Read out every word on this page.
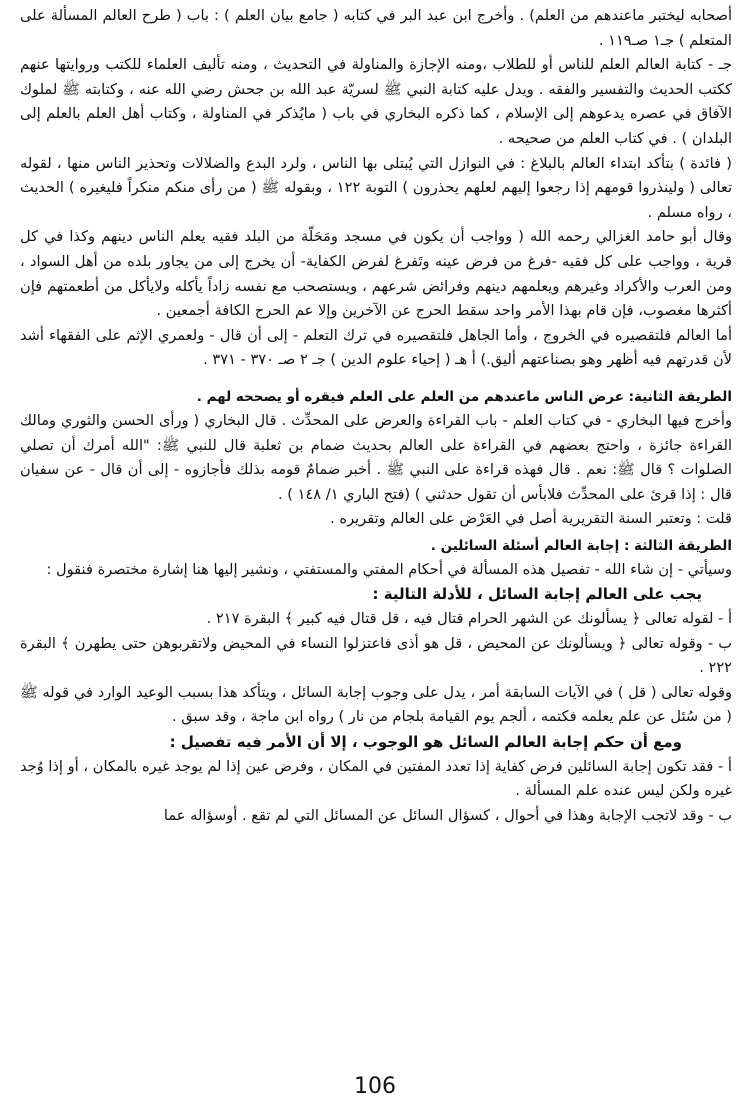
أصحابه ليختبر ماعندهم من العلم) . وأخرج ابن عبد البر في كتابه ( جامع بيان العلم ) : باب ( طرح العالم المسألة على المتعلم ) جـ١ صـ١١٩ .

جـ - كتابة العالم العلم للناس أو للطلاب ،ومنه الإجازة والمناولة في التحديث ، ومنه تأليف العلماء للكتب وروايتها عنهم ككتب الحديث والتفسير والفقه . ويدل عليه كتابة النبي ﷺ لسريّة عبد الله بن جحش رضي الله عنه ، وكتابته ﷺ لملوك الآفاق في عصره يدعوهم إلى الإسلام ، كما ذكره البخاري في باب ( مايُذكر في المناولة ، وكتاب أهل العلم بالعلم إلى البلدان ) . في كتاب العلم من صحيحه .

( فائدة ) بتأكد ابتداء العالم بالبلاغ : في النوازل التي يُبتلى بها الناس ، ولرد البدع والضلالات وتحذير الناس منها ، لقوله تعالى ( ولينذروا قومهم إذا رجعوا إليهم لعلهم يحذرون ) التوبة ١٢٢ ، وبقوله ﷺ ( من رأى منكم منكراً فليغيره ) الحديث ، رواه مسلم .

وقال أبو حامد الغزالي رحمه الله ( وواجب أن يكون في مسجد ومَحَلّة من البلد فقيه يعلم الناس دينهم وكذا في كل قرية ، وواجب على كل فقيه -فرغ من فرض عينه وتَفرغ لفرض الكفاية- أن يخرج إلى من يجاور بلده من أهل السواد ، ومن العرب والأكراد وغيرهم ويعلمهم دينهم وفرائض شرعهم ، ويستصحب مع نفسه زاداً يأكله ولايأكل من أطعمتهم فإن أكثرها مغصوب، فإن قام بهذا الأمر واحد سقط الحرج عن الآخرين وإلا عم الحرج الكافة أجمعين .

أما العالم فلتقصيره في الخروج ، وأما الجاهل فلتقصيره في ترك التعلم - إلى أن قال - ولعمري الإثم على الفقهاء أشد لأن قدرتهم فيه أظهر وهو بصناعتهم أليق.) أ هـ ( إحياء علوم الدين ) جـ ٢ صـ ٣٧٠ - ٣٧١ .

الطريقة الثانية: عرض الناس ماعندهم من العلم على العلم فيقره أو يصححه لهم .

وأخرج فيها البخاري - في كتاب العلم - باب القراءة والعرض على المحدِّث . قال البخاري ( ورأى الحسن والثوري ومالك القراءة جائزة ، واحتج بعضهم في القراءة على العالم بحديث ضمام بن ثعلبة قال للنبي ﷺ: "الله أمرك أن تصلي الصلوات ؟ قال ﷺ: نعم . قال فهذه قراءة على النبي ﷺ . أخبر ضمامٌ قومه بذلك فأجازوه - إلى أن قال - عن سفيان قال : إذا قرئ على المحدِّث فلابأس أن تقول حدثني ) (فتح الباري ١/ ١٤٨ ) .

قلت : وتعتبر السنة التقريرية أصل في العَرْض على العالم وتقريره .

الطريقة الثالثة : إجابة العالم أسئلة السائلين .

وسيأتي - إن شاء الله - تفصيل هذه المسألة في أحكام المفتي والمستفتي ، ونشير إليها هنا إشارة مختصرة فنقول :

يجب على العالم إجابة السائل ، للأدلة التالية :

أ - لقوله تعالى ﴿ يسألونك عن الشهر الحرام قتال فيه ، قل قتال فيه كبير ﴾ البقرة ٢١٧ .

ب - وقوله تعالى ﴿ ويسألونك عن المحيض ، قل هو أذى فاعتزلوا النساء في المحيض ولاتقربوهن حتى يطهرن ﴾ البقرة ٢٢٢ .

وقوله تعالى ( قل ) في الآيات السابقة أمر ، يدل على وجوب إجابة السائل ، ويتأكد هذا بسبب الوعيد الوارد في قوله ﷺ ( من سُئل عن علم يعلمه فكتمه ، ألجم يوم القيامة بلجام من نار ) رواه ابن ماجة ، وقد سبق .

ومع أن حكم إجابة العالم السائل هو الوجوب ، إلا أن الأمر فيه تفصيل :

أ - فقد تكون إجابة السائلين فرض كفاية إذا تعدد المفتين في المكان ، وفرض عين إذا لم يوجد غيره بالمكان ، أو إذا وُجد غيره ولكن ليس عنده علم المسألة .

ب - وقد لاتجب الإجابة وهذا في أحوال ، كسؤال السائل عن المسائل التي لم تقع . أوسؤاله عما

106
